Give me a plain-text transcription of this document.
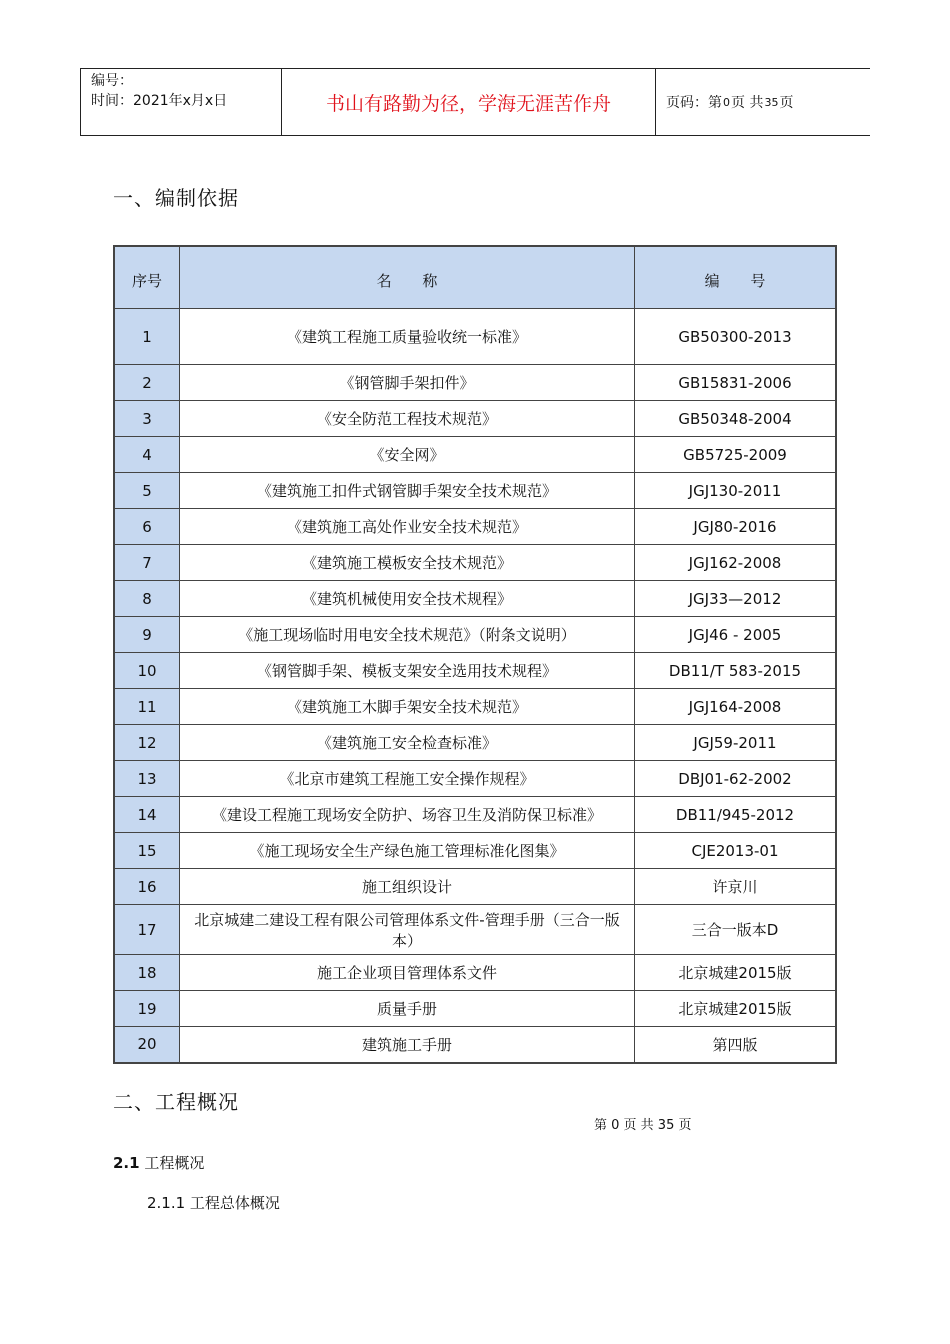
编号：
时间：2021年x月x日	书山有路勤为径，学海无涯苦作舟	页码：第 0 页 共 35 页
一、编制依据
序号	名 称	编 号
1	《建筑工程施工质量验收统一标准》	GB50300-2013
2	《钢管脚手架扣件》	GB15831-2006
3	《安全防范工程技术规范》	GB50348-2004
4	《安全网》	GB5725-2009
5	《建筑施工扣件式钢管脚手架安全技术规范》	JGJ130-2011
6	《建筑施工高处作业安全技术规范》	JGJ80-2016
7	《建筑施工模板安全技术规范》	JGJ162-2008
8	《建筑机械使用安全技术规程》	JGJ33—2012
9	《施工现场临时用电安全技术规范》（附条文说明）	JGJ46 - 2005
10	《钢管脚手架、模板支架安全选用技术规程》	DB11/T 583-2015
11	《建筑施工木脚手架安全技术规范》	JGJ164-2008
12	《建筑施工安全检查标准》	JGJ59-2011
13	《北京市建筑工程施工安全操作规程》	DBJ01-62-2002
14	《建设工程施工现场安全防护、场容卫生及消防保卫标准》	DB11/945-2012
15	《施工现场安全生产绿色施工管理标准化图集》	CJE2013-01
16	施工组织设计	许京川
17	北京城建二建设工程有限公司管理体系文件-管理手册（三合一版本）	三合一版本D
18	施工企业项目管理体系文件	北京城建2015版
19	质量手册	北京城建2015版
20	建筑施工手册	第四版
二、工程概况
第 0 页 共 35 页
2.1 工程概况
2.1.1 工程总体概况
